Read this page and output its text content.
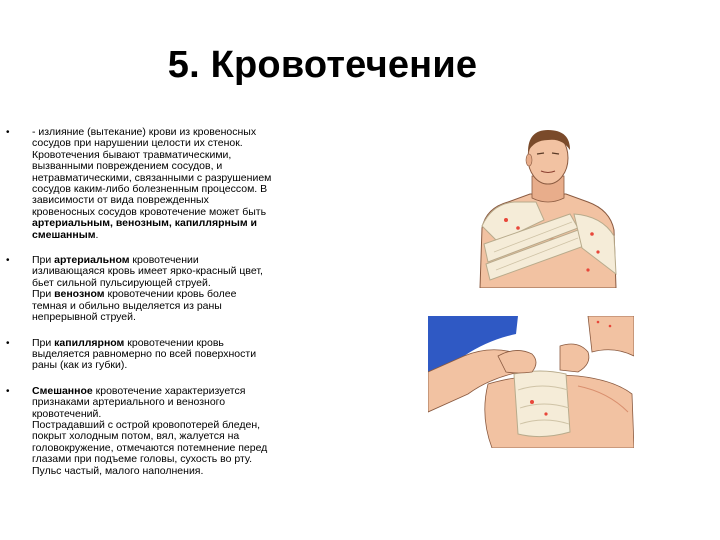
5. Кровотечение
• - излияние (вытекание) крови из кровеносных
сосудов при нарушении целости их стенок.
Кровотечения бывают травматическими,
вызванными повреждением сосудов, и
нетравматическими, связанными с разрушением
сосудов каким-либо болезненным процессом. В
зависимости от вида поврежденных
кровеносных сосудов кровотечение может быть
артериальным, венозным, капиллярным и
смешанным.
• При артериальном кровотечении
изливающаяся кровь имеет ярко-красный цвет,
бьет сильной пульсирующей струей.
При венозном кровотечении кровь более
темная и обильно выделяется из раны
непрерывной струей.
• При капиллярном кровотечении кровь
выделяется равномерно по всей поверхности
раны (как из губки).
• Смешанное кровотечение характеризуется
признаками артериального и венозного
кровотечений.
Пострадавший с острой кровопотерей бледен,
покрыт холодным потом, вял, жалуется на
головокружение, отмечаются потемнение перед
глазами при подъеме головы, сухость во рту.
Пульс частый, малого наполнения.
